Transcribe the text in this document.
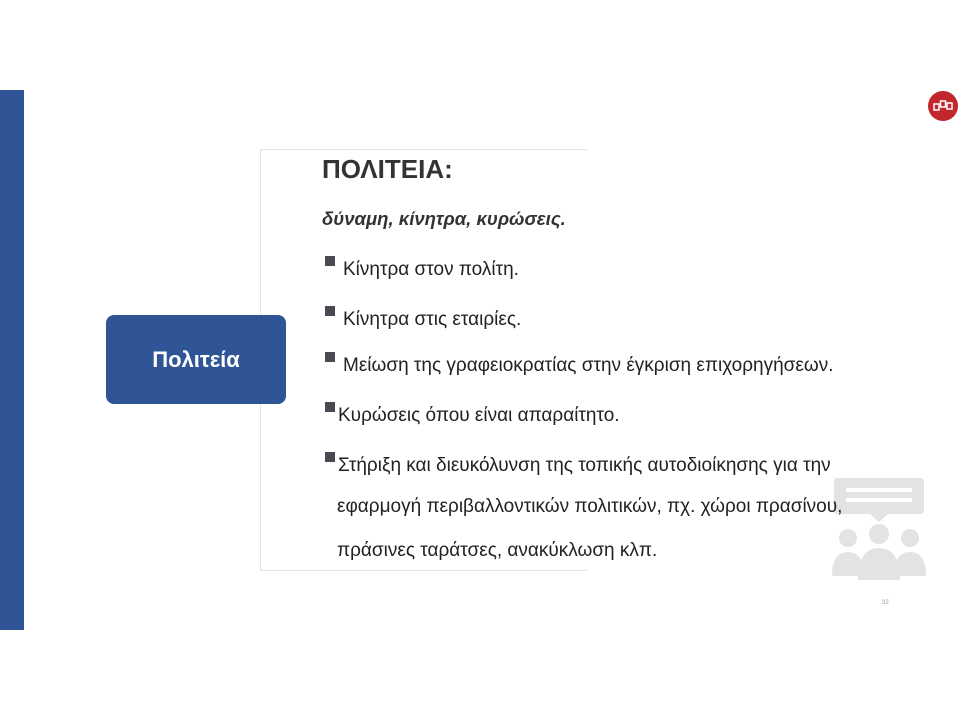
Πολιτεία
ΠΟΛΙΤΕΙΑ:
δύναμη, κίνητρα, κυρώσεις.
Κίνητρα στον πολίτη.
Κίνητρα στις εταιρίες.
Μείωση της γραφειοκρατίας στην έγκριση επιχορηγήσεων.
Κυρώσεις όπου είναι απαραίτητο.
Στήριξη και διευκόλυνση της τοπικής αυτοδιοίκησης για την
εφαρμογή περιβαλλοντικών πολιτικών, πχ. χώροι πρασίνου,
πράσινες ταράτσες, ανακύκλωση κλπ.
32
